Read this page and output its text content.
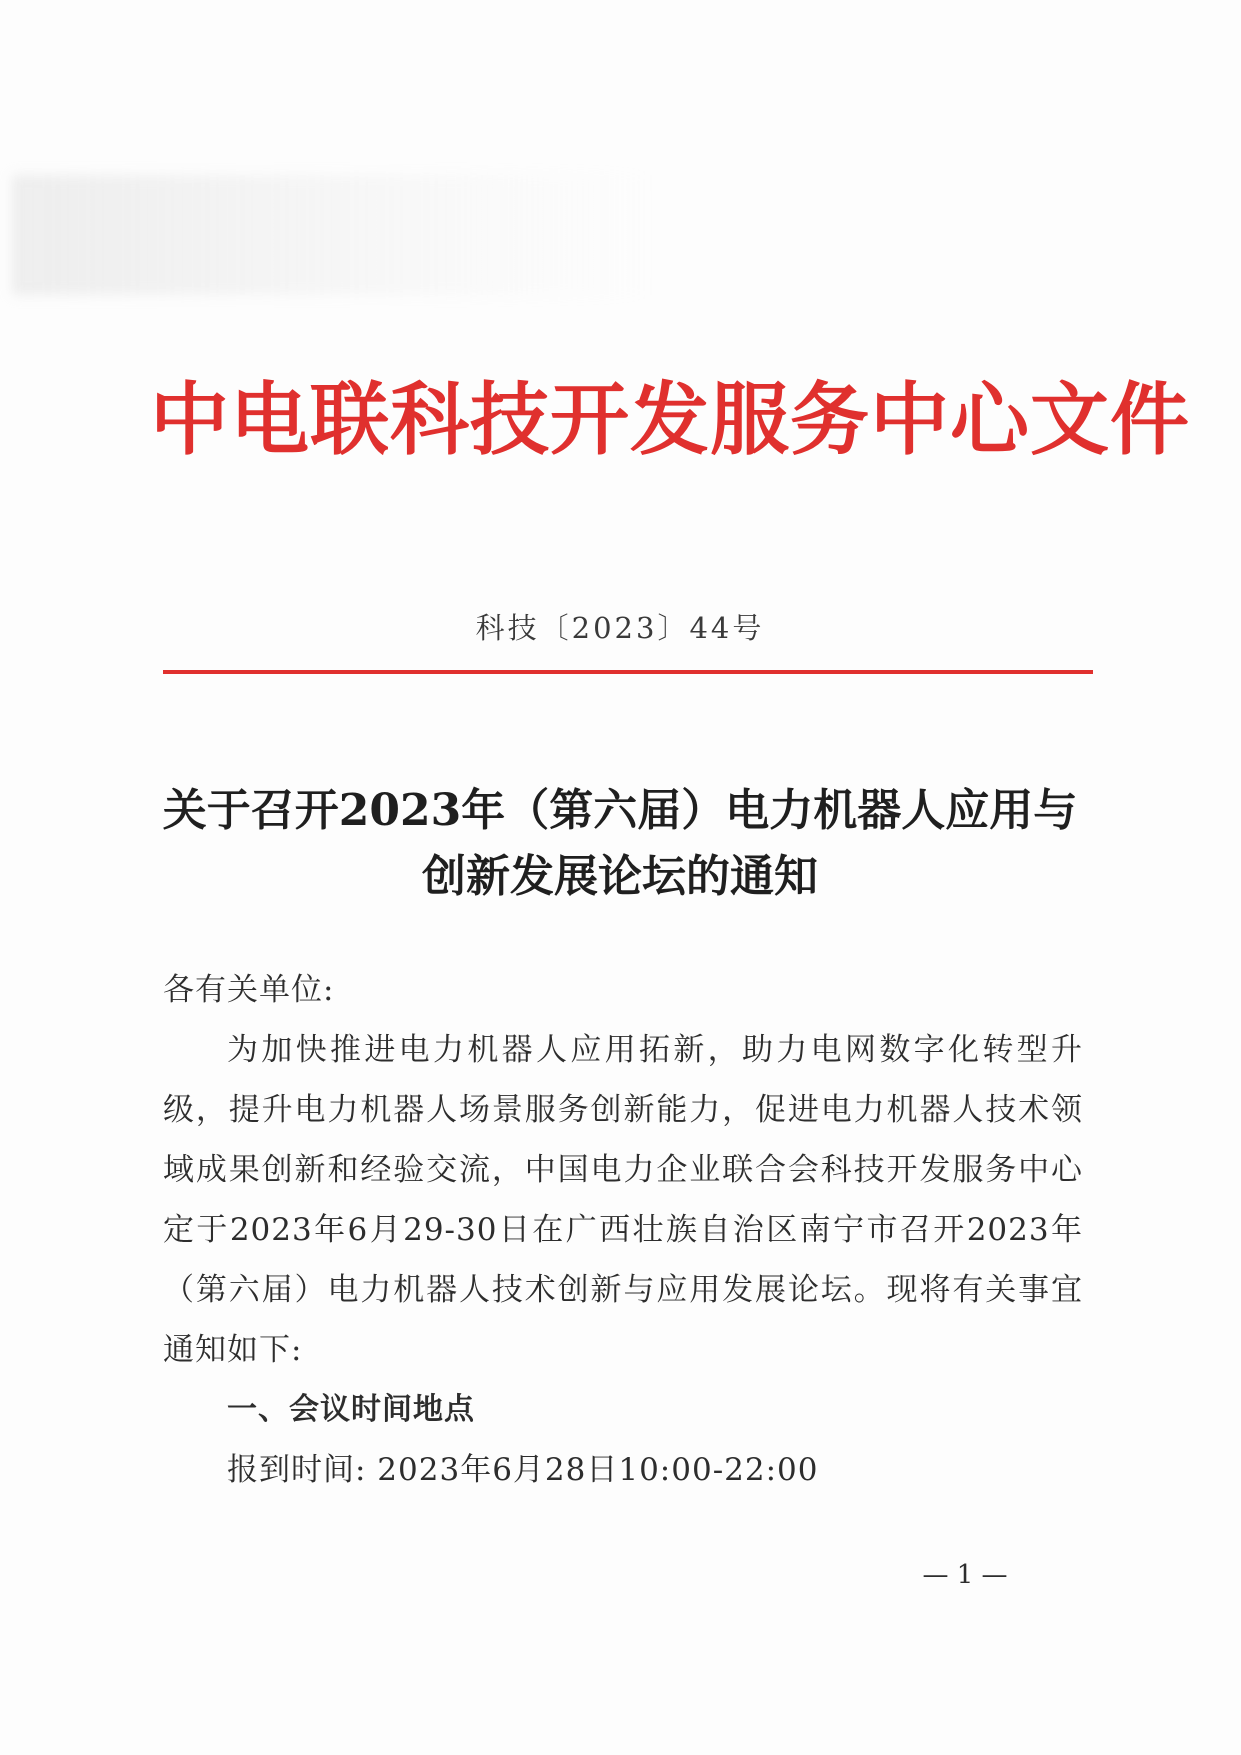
中电联科技开发服务中心文件
科技〔2023〕44号
关于召开2023年（第六届）电力机器人应用与
创新发展论坛的通知

各有关单位:

为加快推进电力机器人应用拓新，助力电网数字化转型升级，提升电力机器人场景服务创新能力，促进电力机器人技术领域成果创新和经验交流，中国电力企业联合会科技开发服务中心定于2023年6月29-30日在广西壮族自治区南宁市召开2023年（第六届）电力机器人技术创新与应用发展论坛。现将有关事宜通知如下:

一、会议时间地点

报到时间: 2023年6月28日10:00-22:00

— 1 —
